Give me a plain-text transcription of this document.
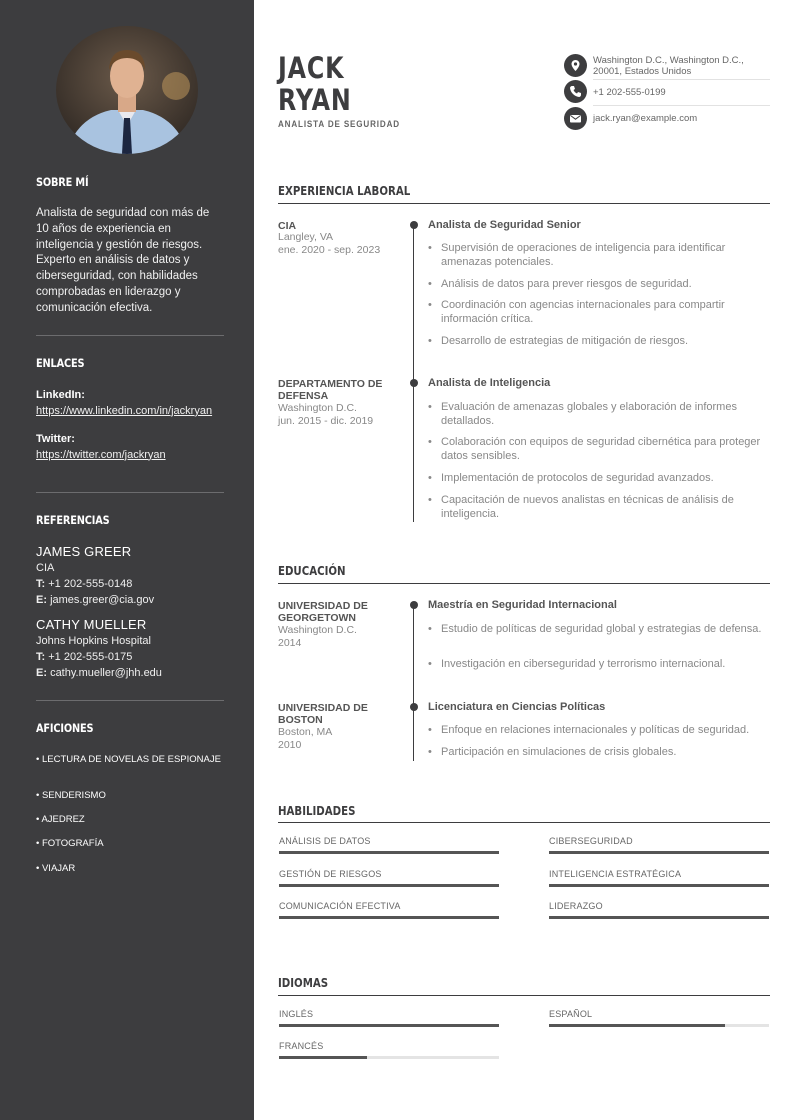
SOBRE MÍ
Analista de seguridad con más de 10 años de experiencia en inteligencia y gestión de riesgos. Experto en análisis de datos y ciberseguridad, con habilidades comprobadas en liderazgo y comunicación efectiva.
ENLACES
LinkedIn:
https://www.linkedin.com/in/jackryan
Twitter:
https://twitter.com/jackryan
REFERENCIAS
JAMES GREER
CIA
T: +1 202-555-0148
E: james.greer@cia.gov
CATHY MUELLER
Johns Hopkins Hospital
T: +1 202-555-0175
E: cathy.mueller@jhh.edu
AFICIONES
• LECTURA DE NOVELAS DE ESPIONAJE
• SENDERISMO
• AJEDREZ
• FOTOGRAFÍA
• VIAJAR
JACK
RYAN
ANALISTA DE SEGURIDAD
Washington D.C., Washington D.C.,
20001, Estados Unidos
+1 202-555-0199
jack.ryan@example.com
EXPERIENCIA LABORAL
CIA
Langley, VA
ene. 2020 - sep. 2023
Analista de Seguridad Senior
• Supervisión de operaciones de inteligencia para identificar amenazas potenciales.
• Análisis de datos para prever riesgos de seguridad.
• Coordinación con agencias internacionales para compartir información crítica.
• Desarrollo de estrategias de mitigación de riesgos.
DEPARTAMENTO DE DEFENSA
Washington D.C.
jun. 2015 - dic. 2019
Analista de Inteligencia
• Evaluación de amenazas globales y elaboración de informes detallados.
• Colaboración con equipos de seguridad cibernética para proteger datos sensibles.
• Implementación de protocolos de seguridad avanzados.
• Capacitación de nuevos analistas en técnicas de análisis de inteligencia.
EDUCACIÓN
UNIVERSIDAD DE GEORGETOWN
Washington D.C.
2014
Maestría en Seguridad Internacional
• Estudio de políticas de seguridad global y estrategias de defensa.
• Investigación en ciberseguridad y terrorismo internacional.
UNIVERSIDAD DE BOSTON
Boston, MA
2010
Licenciatura en Ciencias Políticas
• Enfoque en relaciones internacionales y políticas de seguridad.
• Participación en simulaciones de crisis globales.
HABILIDADES
ANÁLISIS DE DATOS	CIBERSEGURIDAD
GESTIÓN DE RIESGOS	INTELIGENCIA ESTRATÉGICA
COMUNICACIÓN EFECTIVA	LIDERAZGO
IDIOMAS
INGLÉS	ESPAÑOL
FRANCÉS
